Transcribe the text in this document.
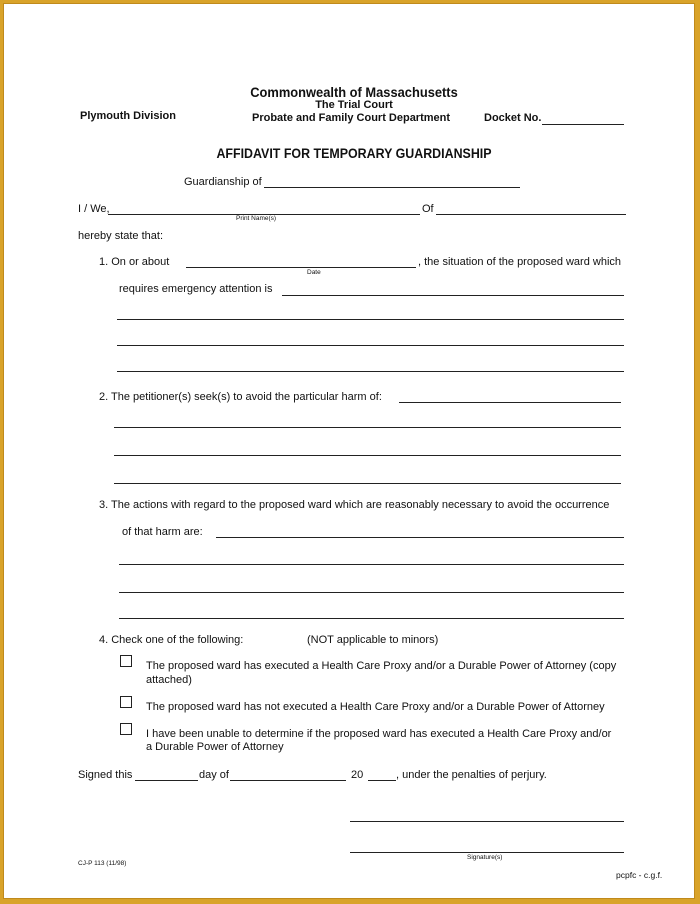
Commonwealth of Massachusetts
The Trial Court
Probate and Family Court Department
Plymouth Division	Docket No.
AFFIDAVIT FOR TEMPORARY GUARDIANSHIP
Guardianship of
I / We,
Print Name(s)
Of
hereby state that:
1. On or about
Date
, the situation of the proposed ward which
requires emergency attention is
2. The petitioner(s) seek(s) to avoid the particular harm of:
3. The actions with regard to the proposed ward which are reasonably necessary to avoid the occurrence
of that harm are:
4. Check one of the following:	(NOT applicable to minors)
The proposed ward has executed a Health Care Proxy and/or a Durable Power of Attorney (copy
attached)
The proposed ward has not executed a Health Care Proxy and/or a Durable Power of Attorney
I have been unable to determine if the proposed ward has executed a Health Care Proxy and/or
a Durable Power of Attorney
Signed this	day of	20	, under the penalties of perjury.
Signature(s)
CJ-P 113 (11/98)
pcpfc - c.g.f.
